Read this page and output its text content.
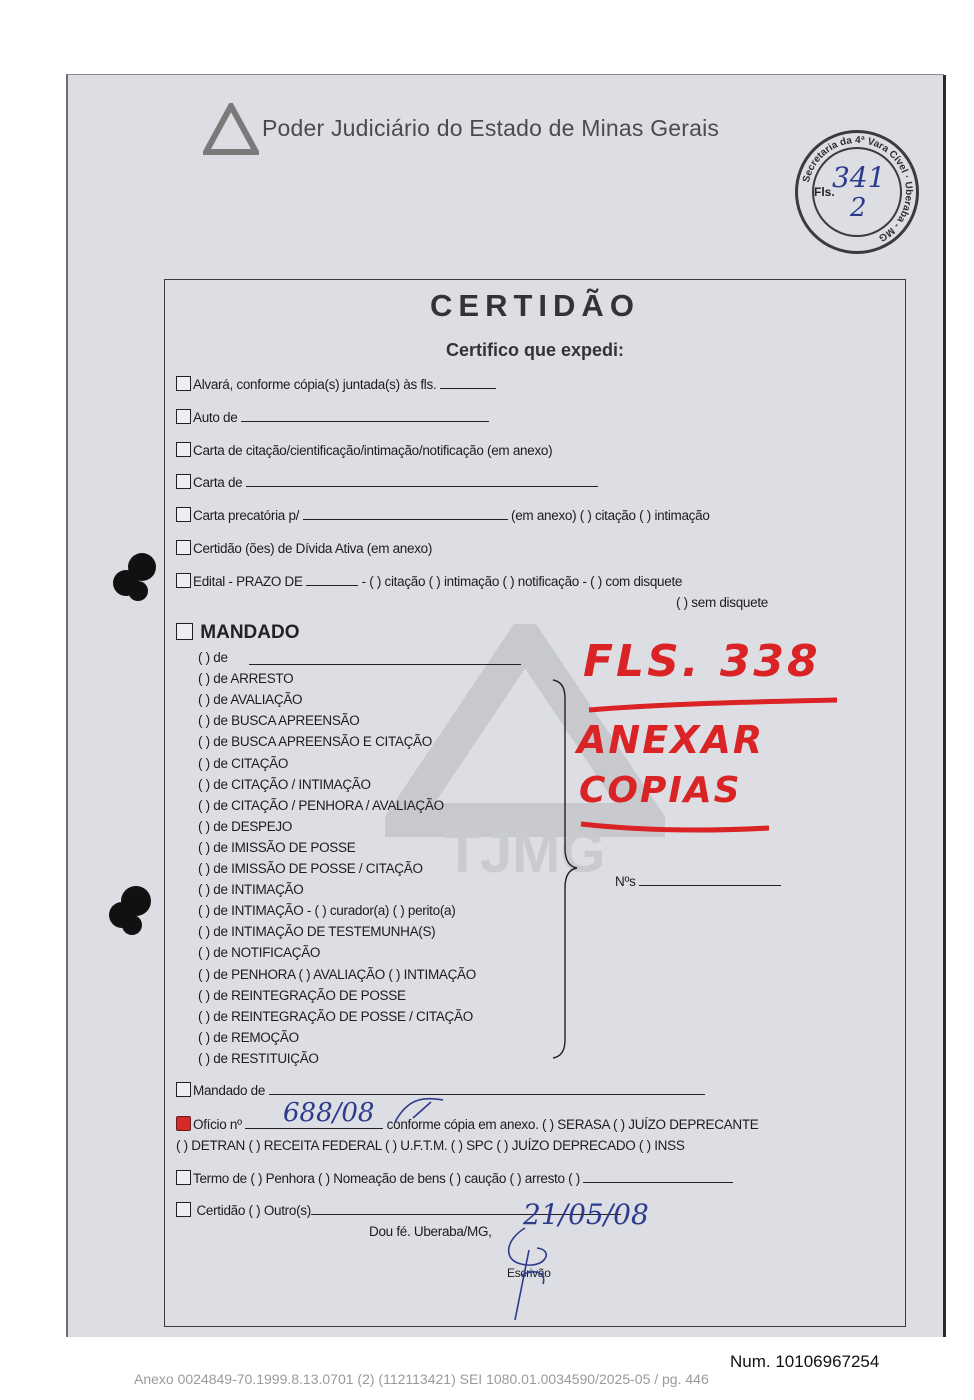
Poder Judiciário do Estado de Minas Gerais
Secretaria da 4ª Vara Cível · Uberaba - MG
Fls.
341
2
TJMG
CERTIDÃO
Certifico que expedi:
Alvará, conforme cópia(s) juntada(s) às fls.
Auto de
Carta de citação/cientificação/intimação/notificação (em anexo)
Carta de
Carta precatória p/	(em anexo) ( ) citação ( ) intimação
Certidão (ões) de Dívida Ativa (em anexo)
Edital - PRAZO DE	- ( ) citação ( ) intimação ( ) notificação - ( ) com disquete
( ) sem disquete
MANDADO
( ) de
( ) de ARRESTO
( ) de AVALIAÇÃO
( ) de BUSCA APREENSÃO
( ) de BUSCA APREENSÃO E CITAÇÃO
( ) de CITAÇÃO
( ) de CITAÇÃO / INTIMAÇÃO
( ) de CITAÇÃO / PENHORA / AVALIAÇÃO
( ) de DESPEJO
( ) de IMISSÃO DE POSSE
( ) de IMISSÃO DE POSSE / CITAÇÃO
( ) de INTIMAÇÃO
( ) de INTIMAÇÃO - ( ) curador(a) ( ) perito(a)
( ) de INTIMAÇÃO DE TESTEMUNHA(S)
( ) de NOTIFICAÇÃO
( ) de PENHORA ( ) AVALIAÇÃO ( ) INTIMAÇÃO
( ) de REINTEGRAÇÃO DE POSSE
( ) de REINTEGRAÇÃO DE POSSE / CITAÇÃO
( ) de REMOÇÃO
( ) de RESTITUIÇÃO
Nºs
Mandado de
Ofício nº	conforme cópia em anexo. ( ) SERASA ( ) JUÍZO DEPRECANTE
688/08
( ) DETRAN ( ) RECEITA FEDERAL ( ) U.F.T.M. ( ) SPC ( ) JUÍZO DEPRECADO ( ) INSS
Termo de ( ) Penhora ( ) Nomeação de bens ( ) caução ( ) arresto ( )
Certidão ( ) Outro(s)
Dou fé. Uberaba/MG,
21/05/08
Escrivão
FLS. 338
ANEXAR
COPIAS
Num. 10106967254
Anexo 0024849-70.1999.8.13.0701 (2) (112113421) SEI 1080.01.0034590/2025-05 / pg. 446
